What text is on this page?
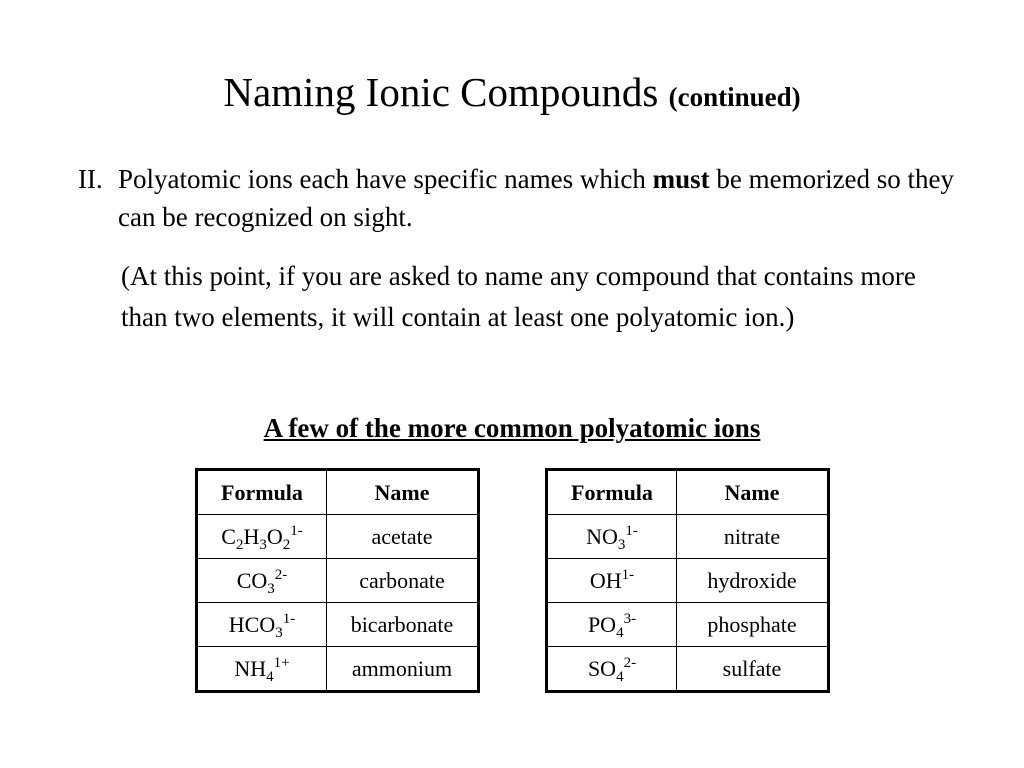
Naming Ionic Compounds (continued)
II. Polyatomic ions each have specific names which must be memorized so they can be recognized on sight.
(At this point, if you are asked to name any compound that contains more than two elements, it will contain at least one polyatomic ion.)
A few of the more common polyatomic ions
Formula	Name
$C_2H_3O_2^{1-}$	acetate
$CO_3^{2-}$	carbonate
$HCO_3^{1-}$	bicarbonate
$NH_4^{1+}$	ammonium
Formula	Name
$NO_3^{1-}$	nitrate
$OH^{1-}$	hydroxide
$PO_4^{3-}$	phosphate
$SO_4^{2-}$	sulfate
